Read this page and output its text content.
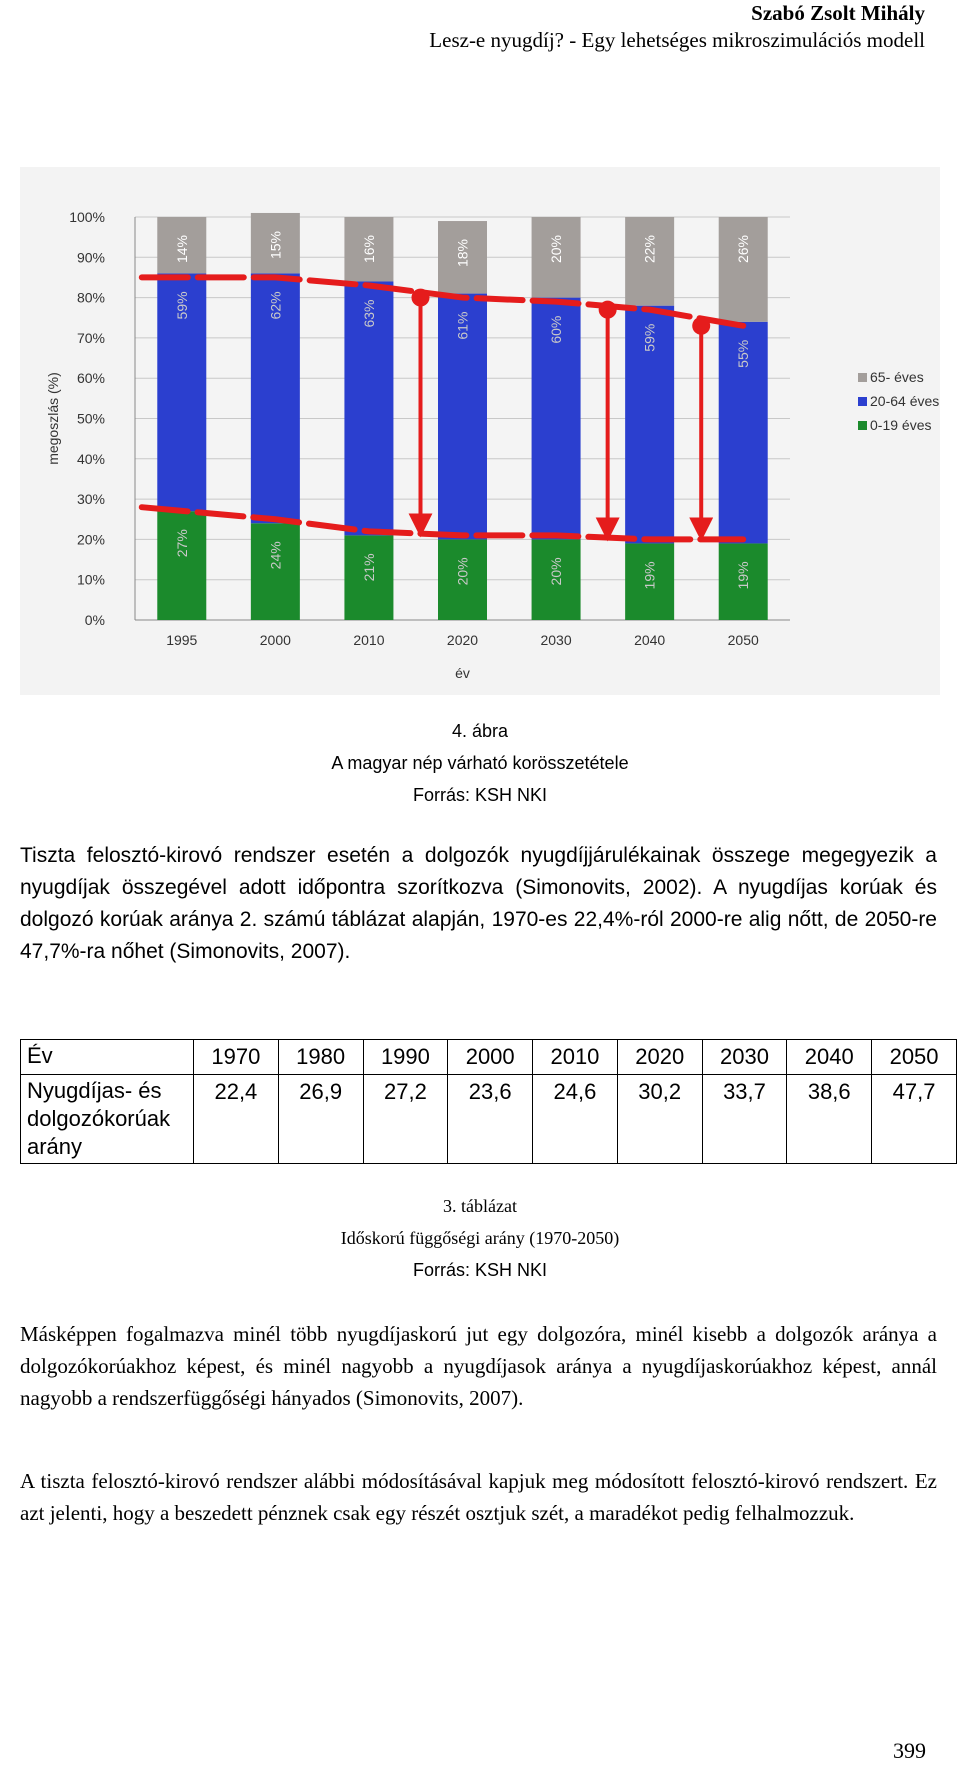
Szabó Zsolt Mihály
Lesz-e nyugdíj? - Egy lehetséges mikroszimulációs modell
0%
10%
20%
30%
40%
50%
60%
70%
80%
90%
100%
27%
59%
14%
1995
24%
62%
15%
2000
21%
63%
16%
2010
20%
61%
18%
2020
20%
60%
20%
2030
19%
59%
22%
2040
19%
55%
26%
2050
megoszlás (%)
év
65- éves
20-64 éves
0-19 éves
4. ábra
A magyar nép várható korösszetétele
Forrás: KSH NKI
Tiszta felosztó-kirovó rendszer esetén a dolgozók nyugdíjjárulékainak összege megegyezik a nyugdíjak összegével adott időpontra szorítkozva (Simonovits, 2002). A nyugdíjas korúak és dolgozó korúak aránya 2. számú táblázat alapján, 1970-es 22,4%-ról 2000-re alig nőtt, de 2050-re 47,7%-ra nőhet (Simonovits, 2007).
Év	1970	1980	1990	2000	2010	2020	2030	2040	2050
Nyugdíjas- és dolgozókorúak arány	22,4	26,9	27,2	23,6	24,6	30,2	33,7	38,6	47,7
3. táblázat
Időskorú függőségi arány (1970-2050)
Forrás: KSH NKI
Másképpen fogalmazva minél több nyugdíjaskorú jut egy dolgozóra, minél kisebb a dolgozók aránya a dolgozókorúakhoz képest, és minél nagyobb a nyugdíjasok aránya a nyugdíjaskorúakhoz képest, annál nagyobb a rendszerfüggőségi hányados (Simonovits, 2007).
A tiszta felosztó-kirovó rendszer alábbi módosításával kapjuk meg módosított felosztó-kirovó rendszert. Ez azt jelenti, hogy a beszedett pénznek csak egy részét osztjuk szét, a maradékot pedig felhalmozzuk.
399
